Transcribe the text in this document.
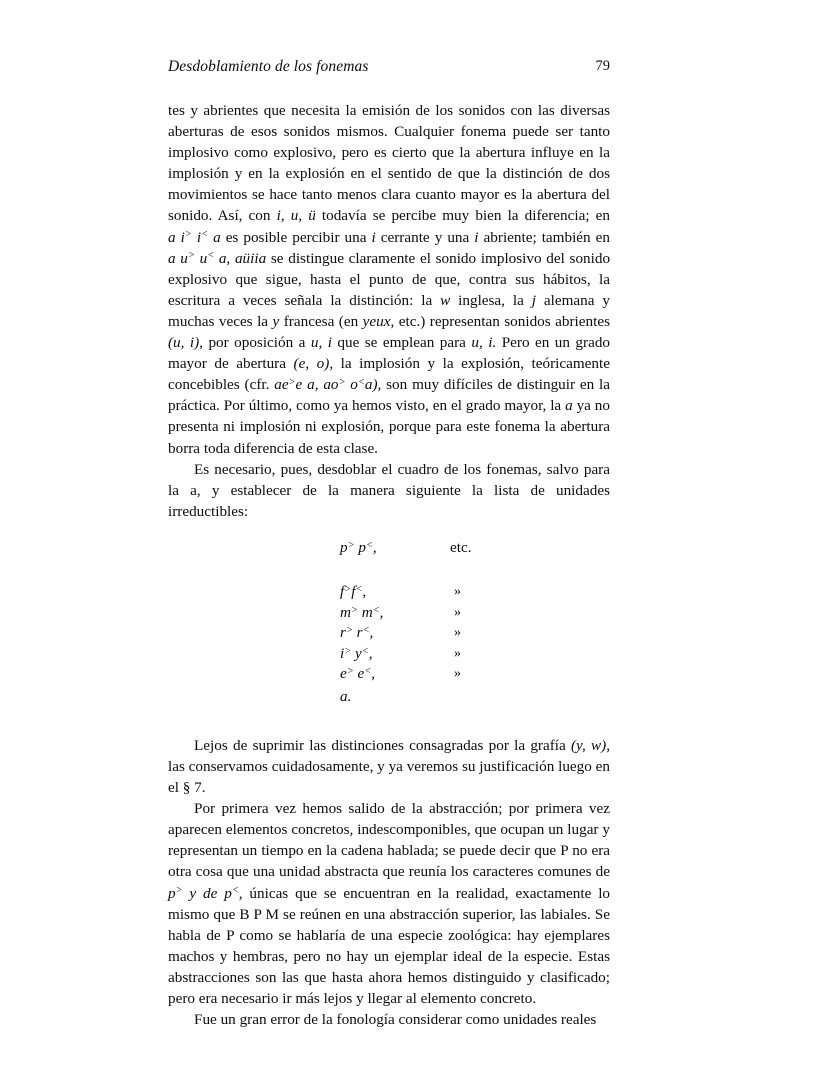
Desdoblamiento de los fonemas	79

tes y abrientes que necesita la emisión de los sonidos con las diversas aberturas de esos sonidos mismos. Cualquier fonema puede ser tanto implosivo como explosivo, pero es cierto que la abertura influye en la implosión y en la explosión en el sentido de que la distinción de dos movimientos se hace tanto menos clara cuanto mayor es la abertura del sonido. Así, con i, u, ü todavía se percibe muy bien la diferencia; en a i> i< a es posible percibir una i cerrante y una i abriente; también en a u> u< a, aüiia se distingue claramente el sonido implosivo del sonido explosivo que sigue, hasta el punto de que, contra sus hábitos, la escritura a veces señala la distinción: la w inglesa, la j alemana y muchas veces la y francesa (en yeux, etc.) representan sonidos abrientes (u, i), por oposición a u, i que se emplean para u, i. Pero en un grado mayor de abertura (e, o), la implosión y la explosión, teóricamente concebibles (cfr. ae>e a, ao> o<a), son muy difíciles de distinguir en la práctica. Por último, como ya hemos visto, en el grado mayor, la a ya no presenta ni implosión ni explosión, porque para este fonema la abertura borra toda diferencia de esta clase.

Es necesario, pues, desdoblar el cuadro de los fonemas, salvo para la a, y establecer de la manera siguiente la lista de unidades irreductibles:

p> p<,	etc.
f>f<,	»
m> m<,	»
r> r<,	»
i> y<,	»
e> e<,	»
a.

Lejos de suprimir las distinciones consagradas por la grafía (y, w), las conservamos cuidadosamente, y ya veremos su justificación luego en el § 7.

Por primera vez hemos salido de la abstracción; por primera vez aparecen elementos concretos, indescomponibles, que ocupan un lugar y representan un tiempo en la cadena hablada; se puede decir que P no era otra cosa que una unidad abstracta que reunía los caracteres comunes de p> y de p<, únicas que se encuentran en la realidad, exactamente lo mismo que B P M se reúnen en una abstracción superior, las labiales. Se habla de P como se hablaría de una especie zoológica: hay ejemplares machos y hembras, pero no hay un ejemplar ideal de la especie. Estas abstracciones son las que hasta ahora hemos distinguido y clasificado; pero era necesario ir más lejos y llegar al elemento concreto.

Fue un gran error de la fonología considerar como unidades reales
